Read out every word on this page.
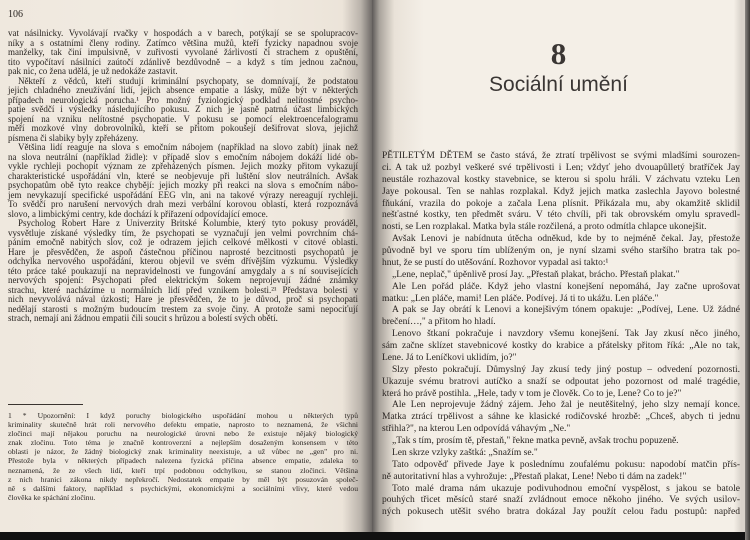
106
vat násilnicky. Vyvolávají rvačky v hospodách a v barech, potýkají se se spolupracov-
níky a s ostatními členy rodiny. Zatímco většina mužů, kteří fyzicky napadnou svoje
manželky, tak činí impulsivně, v zuřivosti vyvolané žárlivostí či strachem z opuštění,
tito vypočítaví násilníci zaútočí zdánlivě bezdůvodně – a když s tím jednou začnou,
pak nic, co žena udělá, je už nedokáže zastavit.
Někteří z vědců, kteří studují kriminální psychopaty, se domnívají, že podstatou
jejich chladného zneužívání lidí, jejich absence empatie a lásky, může být v některých
případech neurologická porucha.¹ Pro možný fyziologický podklad nelítostné psycho-
patie svědčí i výsledky následujícího pokusu. Z nich je jasně patrná účast limbických
spojení na vzniku nelítostné psychopatie. V pokusu se pomocí elektroencefalogramu
měří mozkové vlny dobrovolníků, kteří se přitom pokoušejí dešifrovat slova, jejichž
písmena či slabiky byly zpřeházeny.
Většina lidí reaguje na slova s emočním nábojem (například na slovo zabít) jinak než
na slova neutrální (například židle): v případě slov s emočním nábojem dokáží lidé ob-
vykle rychleji pochopit význam ze zpřeházených písmen. Jejich mozky přitom vykazují
charakteristické uspořádání vln, které se neobjevuje při luštění slov neutrálních. Avšak
psychopatům obě tyto reakce chybějí: jejich mozky při reakci na slova s emočním nábo-
jem nevykazují specifické uspořádání EEG vln, ani na takové výrazy nereagují rychleji.
To svědčí pro narušení nervových drah mezi verbální korovou oblastí, která rozpoznává
slovo, a limbickými centry, kde dochází k přiřazení odpovídající emoce.
Psycholog Robert Hare z Univerzity Britské Kolumbie, který tyto pokusy prováděl,
vysvětluje získané výsledky tím, že psychopati se vyznačují jen velmi povrchním chá-
páním emočně nabitých slov, což je odrazem jejich celkové mělkosti v citové oblasti.
Hare je přesvědčen, že aspoň částečnou příčinou naprosté bezcitnosti psychopatů je
odchylka nervového uspořádání, kterou objevil ve svém dřívějším výzkumu. Výsledky
této práce také poukazují na nepravidelnosti ve fungování amygdaly a s ní souvisejících
nervových spojení: Psychopati před elektrickým šokem neprojevují žádné známky
strachu, které nacházíme u normálních lidí před vznikem bolesti.²¹ Představa bolesti v
nich nevyvolává nával úzkosti; Hare je přesvědčen, že to je důvod, proč si psychopati
nedělají starosti s možným budoucím trestem za svoje činy. A protože sami nepociťují
strach, nemají ani žádnou empatii čili soucit s hrůzou a bolestí svých obětí.
1 * Upozornění: I když poruchy biologického uspořádání mohou u některých typů
kriminality skutečně hrát roli nervového defektu empatie, naprosto to neznamená, že všichni
zločinci mají nějakou poruchu na neurologické úrovni nebo že existuje nějaký biologický
znak zločinu. Toto téma je značně kontroverzní a nejlepším dosaženým konsensem v této
oblasti je názor, že žádný biologický znak kriminality neexistuje, a už vůbec ne „gen" pro ni.
Přestože byla v některých případech nalezena fyzická příčina absence empatie, zdaleka to
neznamená, že ze všech lidí, kteří trpí podobnou odchylkou, se stanou zločinci. Většina
z nich hranici zákona nikdy nepřekročí. Nedostatek empatie by měl být posuzován společ-
ně s dalšími faktory, například s psychickými, ekonomickými a sociálními vlivy, které vedou
člověka ke spáchání zločinu.
8
Sociální umění
PĚTILETÝM DĚTEM se často stává, že ztratí trpělivost se svými mladšími sourozen-
ci. A tak už pozbyl veškeré své trpělivosti i Len; vždyť jeho dvouapůlletý bratříček Jay
neustále rozhazoval kostky stavebnice, se kterou si spolu hráli. V záchvatu vzteku Len
Jaye pokousal. Ten se nahlas rozplakal. Když jejich matka zaslechla Jayovo bolestné
fňukání, vrazila do pokoje a začala Lena plísnit. Přikázala mu, aby okamžitě sklidil
nešťastné kostky, ten předmět sváru. V této chvíli, při tak obrovském omylu spravedl-
nosti, se Len rozplakal. Matka byla stále rozčilená, a proto odmítla chlapce ukonejšit.
Avšak Lenovi je nabídnuta útěcha odněkud, kde by to nejméně čekal. Jay, přestože
původně byl ve sporu tím ublíženým on, je nyní slzami svého staršího bratra tak po-
hnut, že se pustí do utěšování. Rozhovor vypadal asi takto:¹
„Lene, neplač," úpěnlivě prosí Jay. „Přestaň plakat, brácho. Přestaň plakat."
Ale Len pořád pláče. Když jeho vlastní konejšení nepomáhá, Jay začne uprošovat
matku: „Len pláče, mami! Len pláče. Podívej. Já ti to ukážu. Len pláče."
A pak se Jay obrátí k Lenovi a konejšivým tónem opakuje: „Podívej, Lene. Už žádné
brečení…," a přitom ho hladí.
Lenovo štkaní pokračuje i navzdory všemu konejšení. Tak Jay zkusí něco jiného,
sám začne sklízet stavebnicové kostky do krabice a přátelsky přitom říká: „Ale no tak,
Lene. Já to Leníčkovi uklidím, jo?"
Slzy přesto pokračují. Důmyslný Jay zkusí tedy jiný postup – odvedení pozornosti.
Ukazuje svému bratrovi autíčko a snaží se odpoutat jeho pozornost od malé tragédie,
která ho právě postihla. „Hele, tady v tom je člověk. Co to je, Lene? Co to je?"
Ale Len neprojevuje žádný zájem. Jeho žal je neutěšitelný, jeho slzy nemají konce.
Matka ztrácí trpělivost a sáhne ke klasické rodičovské hrozbě: „Chceš, abych ti jednu
střihla?", na kterou Len odpovídá váhavým „Ne."
„Tak s tím, prosím tě, přestaň," řekne matka pevně, avšak trochu popuzeně.
Len skrze vzlyky zaštká: „Snažím se."
Tato odpověď přivede Jaye k poslednímu zoufalému pokusu: napodobí matčin přís-
ně autoritativní hlas a vyhrožuje: „Přestaň plakat, Lene! Nebo ti dám na zadek!"
Toto malé drama nám ukazuje podivuhodnou emoční vyspělost, s jakou se batole
pouhých třicet měsíců staré snaží zvládnout emoce někoho jiného. Ve svých usilov-
ných pokusech utěšit svého bratra dokázal Jay použít celou řadu postupů: napřed
